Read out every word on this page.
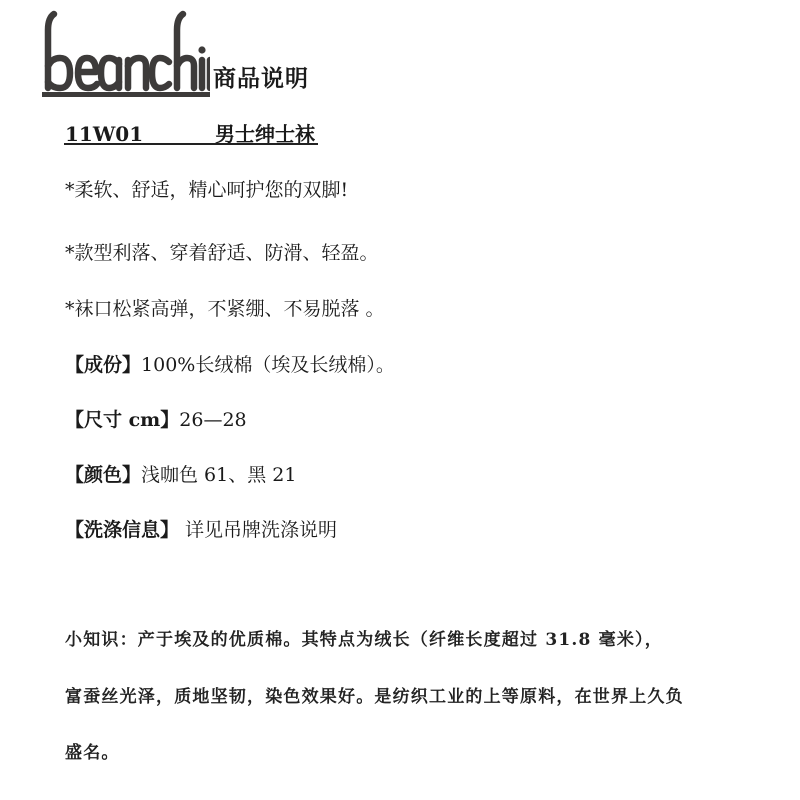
商品说明
11W01	男士绅士袜
*柔软、舒适，精心呵护您的双脚!
*款型利落、穿着舒适、防滑、轻盈。
*袜口松紧高弹，不紧绷、不易脱落 。
【成份】100%长绒棉（埃及长绒棉）。
【尺寸 cm】26—28
【颜色】浅咖色 61、黑 21
【洗涤信息】 详见吊牌洗涤说明
小知识：产于埃及的优质棉。其特点为绒长（纤维长度超过 31.8 毫米），
富蚕丝光泽，质地坚韧，染色效果好。是纺织工业的上等原料，在世界上久负
盛名。
